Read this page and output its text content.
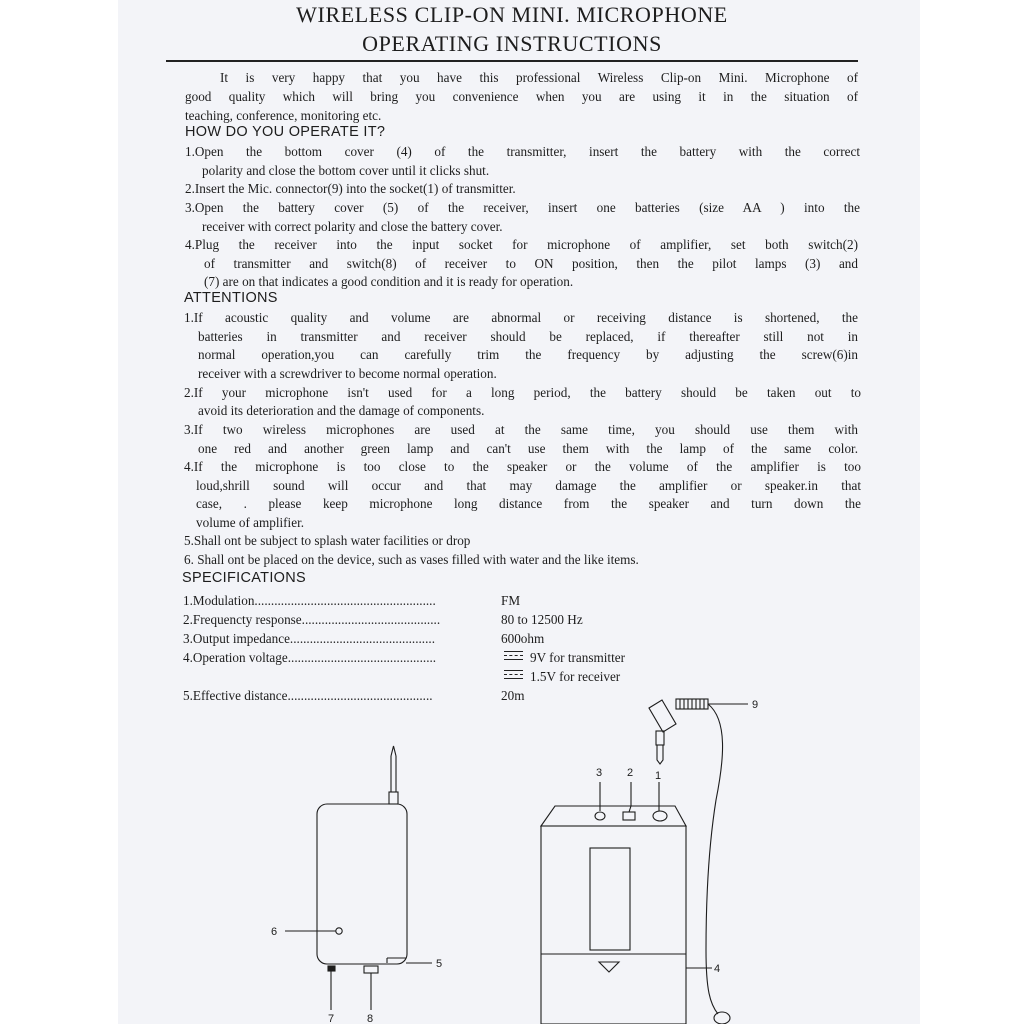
WIRELESS CLIP-ON MINI. MICROPHONE
OPERATING INSTRUCTIONS
It is very happy that you have this professional Wireless Clip-on Mini. Microphone of
good quality which will bring you convenience when you are using it in the situation of
teaching, conference, monitoring etc.
HOW DO YOU OPERATE IT?
1.Open the bottom cover (4) of the transmitter, insert the battery with the correct
polarity and close the bottom cover until it clicks shut.
2.Insert the Mic. connector(9) into the socket(1) of transmitter.
3.Open the battery cover (5) of the receiver, insert one batteries (size AA ) into the
receiver with correct polarity and close the battery cover.
4.Plug the receiver into the input socket for microphone of amplifier, set both switch(2)
of transmitter and switch(8) of receiver to ON position, then the pilot lamps (3) and
(7) are on that indicates a good condition and it is ready for operation.
ATTENTIONS
1.If acoustic quality and volume are abnormal or receiving distance is shortened, the
batteries in transmitter and receiver should be replaced, if thereafter still not in
normal operation,you can carefully trim the frequency by adjusting the screw(6)in
receiver with a screwdriver to become normal operation.
2.If your microphone isn't used for a long period, the battery should be taken out to
avoid its deterioration and the damage of components.
3.If two wireless microphones are used at the same time, you should use them with
one red and another green lamp and can't use them with the lamp of the same color.
4.If the microphone is too close to the speaker or the volume of the amplifier is too
loud,shrill sound will occur and that may damage the amplifier or speaker.in that
case, . please keep microphone long distance from the speaker and turn down the
volume of amplifier.
5.Shall ont be subject to splash water facilities or drop
6. Shall ont be placed on the device, such as vases filled with water and the like items.
SPECIFICATIONS
1.Modulation.......................................................	FM
2.Frequencty response..........................................	80 to 12500 Hz
3.Output impedance............................................	600ohm
4.Operation voltage.............................................	9V for transmitter
1.5V for receiver
5.Effective distance............................................	20m
6
5
7	8
3 2 1
9
4
